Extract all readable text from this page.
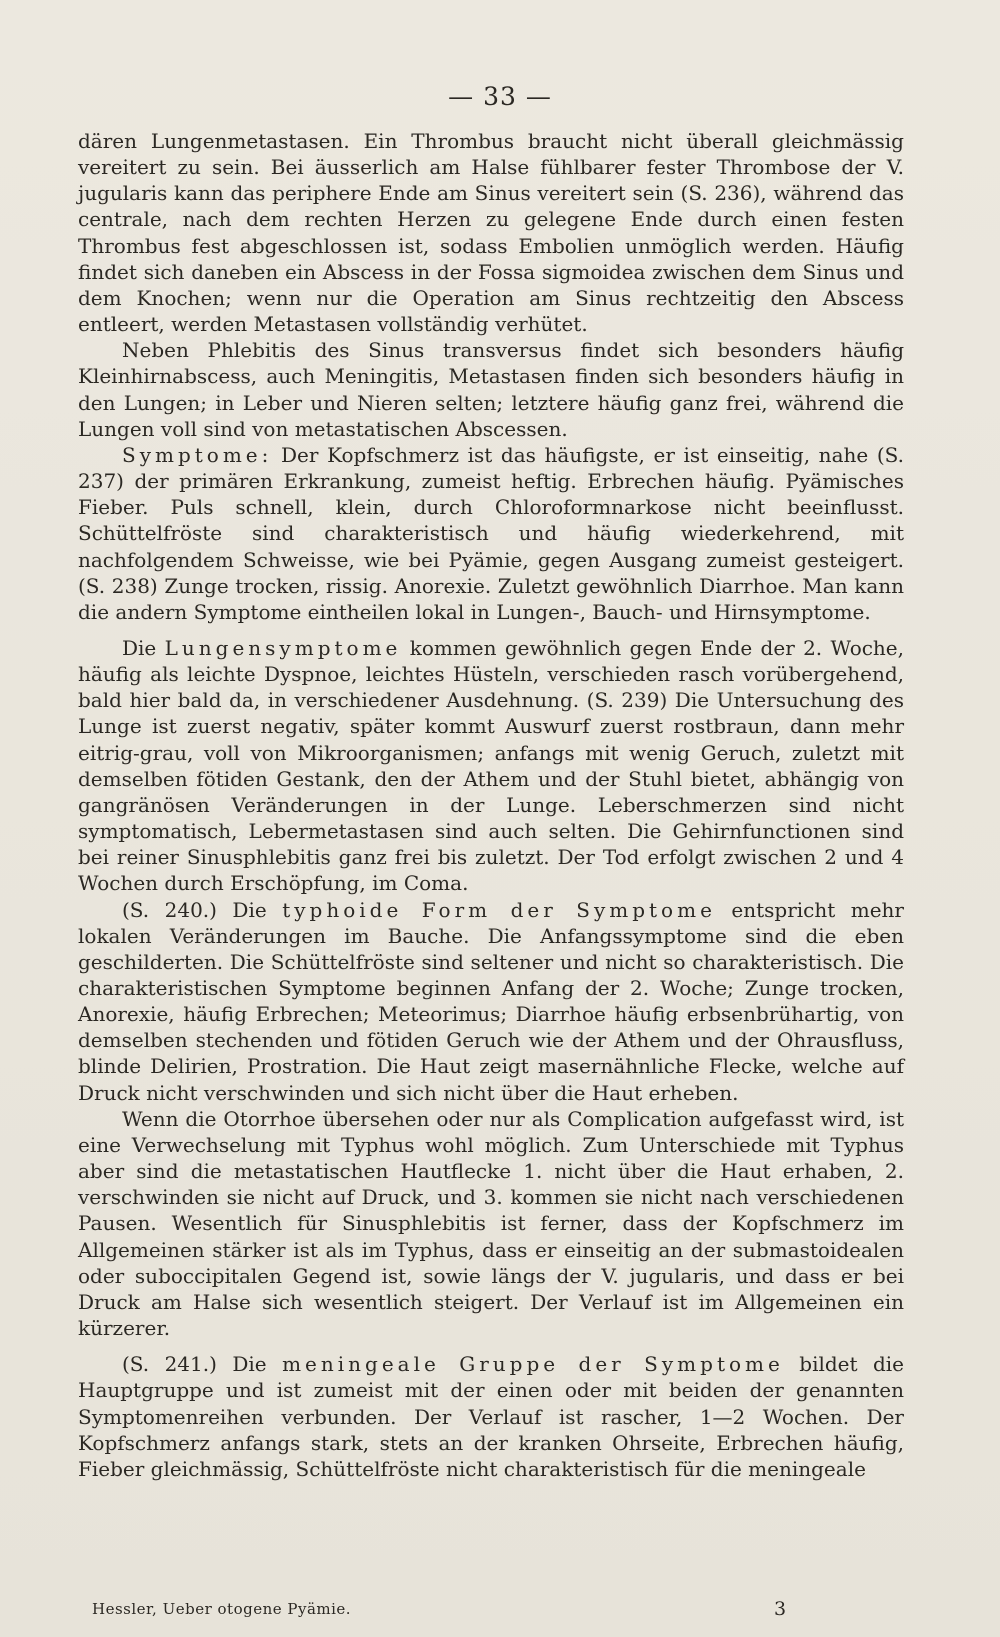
— 33 —

dären Lungenmetastasen. Ein Thrombus braucht nicht überall gleichmässig vereitert zu sein. Bei äusserlich am Halse fühlbarer fester Thrombose der V. jugularis kann das periphere Ende am Sinus vereitert sein (S. 236), während das centrale, nach dem rechten Herzen zu gelegene Ende durch einen festen Thrombus fest abgeschlossen ist, sodass Embolien unmöglich werden. Häufig findet sich daneben ein Abscess in der Fossa sigmoidea zwischen dem Sinus und dem Knochen; wenn nur die Operation am Sinus rechtzeitig den Abscess entleert, werden Metastasen vollständig verhütet.

Neben Phlebitis des Sinus transversus findet sich besonders häufig Kleinhirnabscess, auch Meningitis, Metastasen finden sich besonders häufig in den Lungen; in Leber und Nieren selten; letztere häufig ganz frei, während die Lungen voll sind von metastatischen Abscessen.

Symptome: Der Kopfschmerz ist das häufigste, er ist einseitig, nahe (S. 237) der primären Erkrankung, zumeist heftig. Erbrechen häufig. Pyämisches Fieber. Puls schnell, klein, durch Chloroformnarkose nicht beeinflusst. Schüttelfröste sind charakteristisch und häufig wiederkehrend, mit nachfolgendem Schweisse, wie bei Pyämie, gegen Ausgang zumeist gesteigert. (S. 238) Zunge trocken, rissig. Anorexie. Zuletzt gewöhnlich Diarrhoe. Man kann die andern Symptome eintheilen lokal in Lungen-, Bauch- und Hirnsymptome.

Die Lungensymptome kommen gewöhnlich gegen Ende der 2. Woche, häufig als leichte Dyspnoe, leichtes Hüsteln, verschieden rasch vorübergehend, bald hier bald da, in verschiedener Ausdehnung. (S. 239) Die Untersuchung des Lunge ist zuerst negativ, später kommt Auswurf zuerst rostbraun, dann mehr eitrig-grau, voll von Mikroorganismen; anfangs mit wenig Geruch, zuletzt mit demselben fötiden Gestank, den der Athem und der Stuhl bietet, abhängig von gangränösen Veränderungen in der Lunge. Leberschmerzen sind nicht symptomatisch, Lebermetastasen sind auch selten. Die Gehirnfunctionen sind bei reiner Sinusphlebitis ganz frei bis zuletzt. Der Tod erfolgt zwischen 2 und 4 Wochen durch Erschöpfung, im Coma.

(S. 240.) Die typhoide Form der Symptome entspricht mehr lokalen Veränderungen im Bauche. Die Anfangssymptome sind die eben geschilderten. Die Schüttelfröste sind seltener und nicht so charakteristisch. Die charakteristischen Symptome beginnen Anfang der 2. Woche; Zunge trocken, Anorexie, häufig Erbrechen; Meteorimus; Diarrhoe häufig erbsenbrühartig, von demselben stechenden und fötiden Geruch wie der Athem und der Ohrausfluss, blinde Delirien, Prostration. Die Haut zeigt masernähnliche Flecke, welche auf Druck nicht verschwinden und sich nicht über die Haut erheben.

Wenn die Otorrhoe übersehen oder nur als Complication aufgefasst wird, ist eine Verwechselung mit Typhus wohl möglich. Zum Unterschiede mit Typhus aber sind die metastatischen Hautflecke 1. nicht über die Haut erhaben, 2. verschwinden sie nicht auf Druck, und 3. kommen sie nicht nach verschiedenen Pausen. Wesentlich für Sinusphlebitis ist ferner, dass der Kopfschmerz im Allgemeinen stärker ist als im Typhus, dass er einseitig an der submastoidealen oder suboccipitalen Gegend ist, sowie längs der V. jugularis, und dass er bei Druck am Halse sich wesentlich steigert. Der Verlauf ist im Allgemeinen ein kürzerer.

(S. 241.) Die meningeale Gruppe der Symptome bildet die Hauptgruppe und ist zumeist mit der einen oder mit beiden der genannten Symptomenreihen verbunden. Der Verlauf ist rascher, 1—2 Wochen. Der Kopfschmerz anfangs stark, stets an der kranken Ohrseite, Erbrechen häufig, Fieber gleichmässig, Schüttelfröste nicht charakteristisch für die meningeale

Hessler, Ueber otogene Pyämie.	3
